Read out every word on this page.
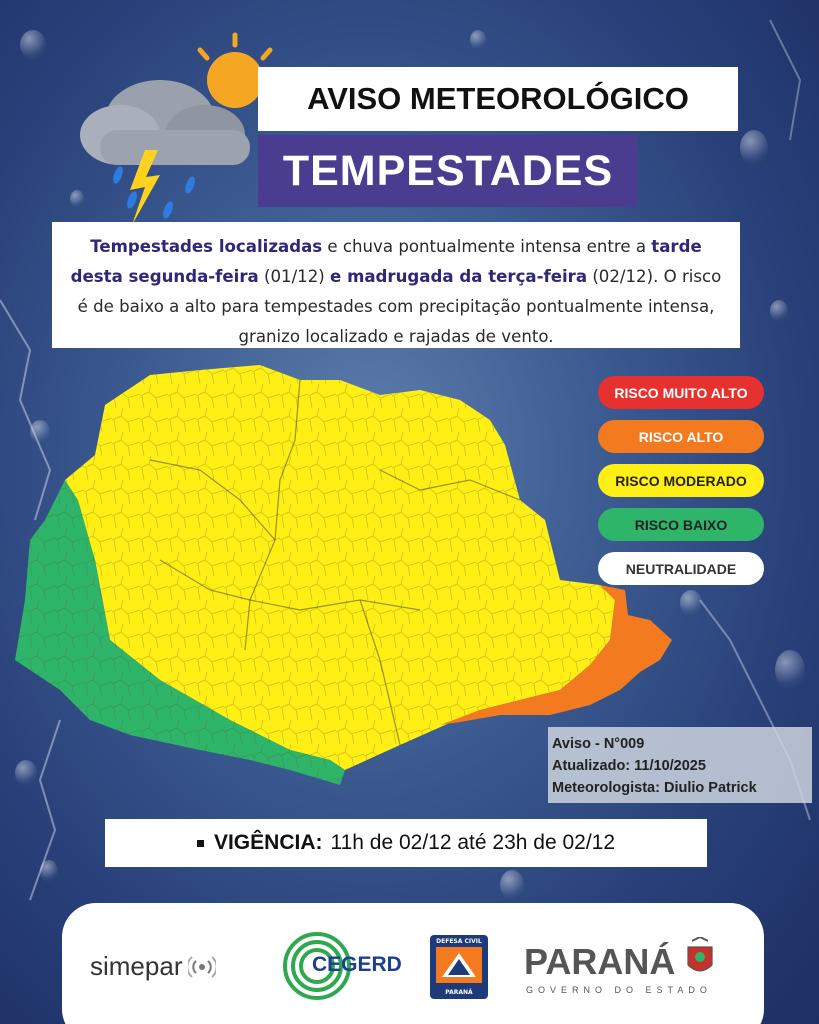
AVISO METEOROLÓGICO
TEMPESTADES
Tempestades localizadas e chuva pontualmente intensa entre a tarde desta segunda-feira (01/12) e madrugada da terça-feira (02/12). O risco é de baixo a alto para tempestades com precipitação pontualmente intensa, granizo localizado e rajadas de vento.
RISCO MUITO ALTO
RISCO ALTO
RISCO MODERADO
RISCO BAIXO
NEUTRALIDADE
Aviso - N°009
Atualizado: 11/10/2025
Meteorologista: Diulio Patrick
VIGÊNCIA: 11h de 02/12 até 23h de 02/12
simepar	CEGERD
DEFESA CIVIL
PARANÁ
PARANÁ
GOVERNO DO ESTADO
